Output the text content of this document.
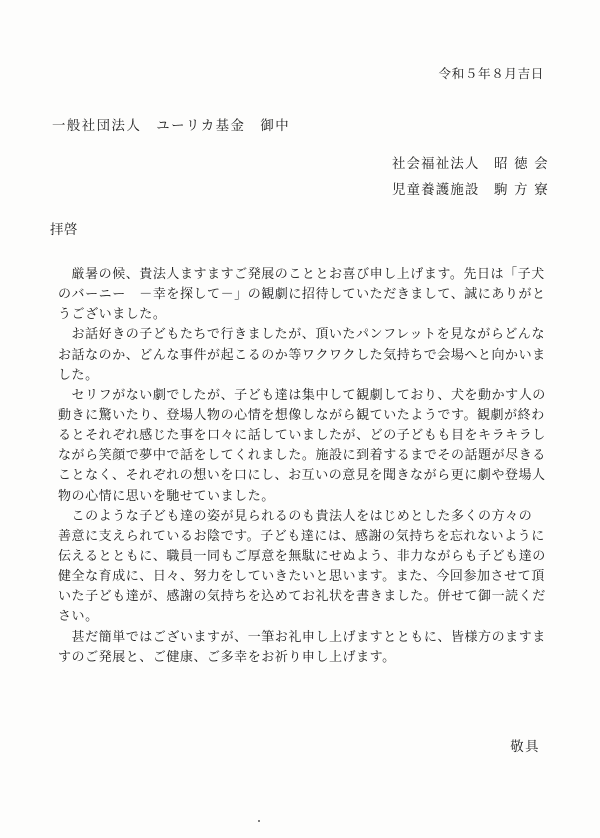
令和５年８月吉日
一般社団法人　ユーリカ基金　御中
社会福祉法人　昭 徳 会
児童養護施設　駒 方 寮
拝啓
　厳暑の候、貴法人ますますご発展のこととお喜び申し上げます。先日は「子犬
のバーニー　－幸を探して－」の観劇に招待していただきまして、誠にありがと
うございました。
　お話好きの子どもたちで行きましたが、頂いたパンフレットを見ながらどんな
お話なのか、どんな事件が起こるのか等ワクワクした気持ちで会場へと向かいま
した。
　セリフがない劇でしたが、子ども達は集中して観劇しており、犬を動かす人の
動きに驚いたり、登場人物の心情を想像しながら観ていたようです。観劇が終わ
るとそれぞれ感じた事を口々に話していましたが、どの子どもも目をキラキラし
ながら笑顔で夢中で話をしてくれました。施設に到着するまでその話題が尽きる
ことなく、それぞれの想いを口にし、お互いの意見を聞きながら更に劇や登場人
物の心情に思いを馳せていました。
　このような子ども達の姿が見られるのも貴法人をはじめとした多くの方々の
善意に支えられているお陰です。子ども達には、感謝の気持ちを忘れないように
伝えるとともに、職員一同もご厚意を無駄にせぬよう、非力ながらも子ども達の
健全な育成に、日々、努力をしていきたいと思います。また、今回参加させて頂
いた子ども達が、感謝の気持ちを込めてお礼状を書きました。併せて御一読くだ
さい。
　甚だ簡単ではございますが、一筆お礼申し上げますとともに、皆様方のますま
すのご発展と、ご健康、ご多幸をお祈り申し上げます。
敬具
